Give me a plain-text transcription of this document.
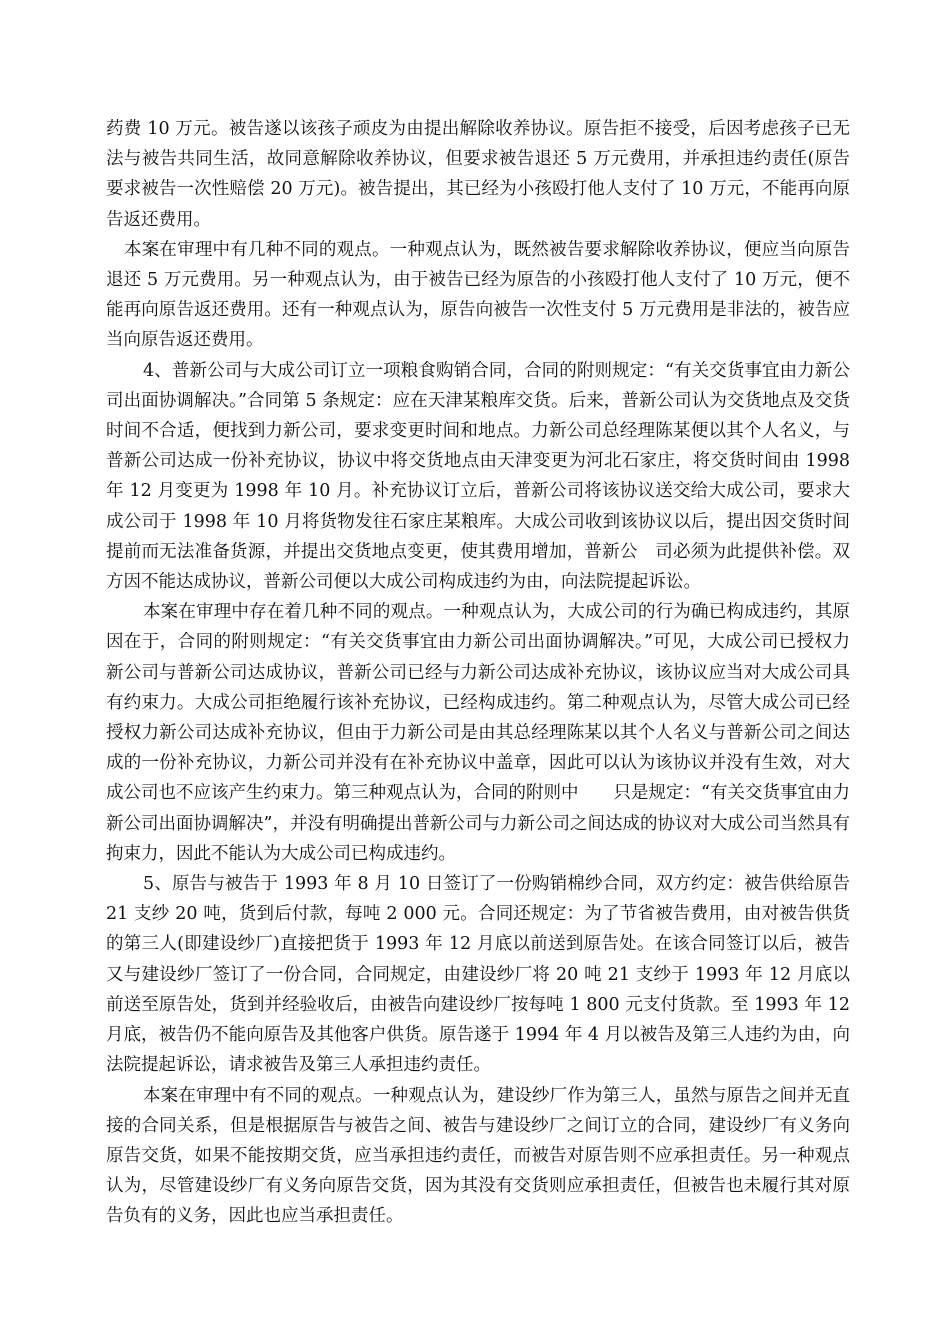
药费 10 万元。被告遂以该孩子顽皮为由提出解除收养协议。原告拒不接受，后因考虑孩子已无法与被告共同生活，故同意解除收养协议，但要求被告退还 5 万元费用，并承担违约责任(原告要求被告一次性赔偿 20 万元)。被告提出，其已经为小孩殴打他人支付了 10 万元，不能再向原告返还费用。

本案在审理中有几种不同的观点。一种观点认为，既然被告要求解除收养协议，便应当向原告退还 5 万元费用。另一种观点认为，由于被告已经为原告的小孩殴打他人支付了 10 万元，便不能再向原告返还费用。还有一种观点认为，原告向被告一次性支付 5 万元费用是非法的，被告应当向原告返还费用。

4、普新公司与大成公司订立一项粮食购销合同，合同的附则规定：“有关交货事宜由力新公司出面协调解决。”合同第 5 条规定：应在天津某粮库交货。后来，普新公司认为交货地点及交货时间不合适，便找到力新公司，要求变更时间和地点。力新公司总经理陈某便以其个人名义，与普新公司达成一份补充协议，协议中将交货地点由天津变更为河北石家庄，将交货时间由 1998 年 12 月变更为 1998 年 10 月。补充协议订立后，普新公司将该协议送交给大成公司，要求大成公司于 1998 年 10 月将货物发往石家庄某粮库。大成公司收到该协议以后，提出因交货时间提前而无法准备货源，并提出交货地点变更，使其费用增加，普新公　司必须为此提供补偿。双方因不能达成协议，普新公司便以大成公司构成违约为由，向法院提起诉讼。

本案在审理中存在着几种不同的观点。一种观点认为，大成公司的行为确已构成违约，其原因在于，合同的附则规定：“有关交货事宜由力新公司出面协调解决。”可见，大成公司已授权力新公司与普新公司达成协议，普新公司已经与力新公司达成补充协议，该协议应当对大成公司具有约束力。大成公司拒绝履行该补充协议，已经构成违约。第二种观点认为，尽管大成公司已经授权力新公司达成补充协议，但由于力新公司是由其总经理陈某以其个人名义与普新公司之间达成的一份补充协议，力新公司并没有在补充协议中盖章，因此可以认为该协议并没有生效，对大成公司也不应该产生约束力。第三种观点认为，合同的附则中　　只是规定：“有关交货事宜由力新公司出面协调解决”，并没有明确提出普新公司与力新公司之间达成的协议对大成公司当然具有拘束力，因此不能认为大成公司已构成违约。

5、原告与被告于 1993 年 8 月 10 日签订了一份购销棉纱合同，双方约定：被告供给原告 21 支纱 20 吨，货到后付款，每吨 2 000 元。合同还规定：为了节省被告费用，由对被告供货的第三人(即建设纱厂)直接把货于 1993 年 12 月底以前送到原告处。在该合同签订以后，被告又与建设纱厂签订了一份合同，合同规定，由建设纱厂将 20 吨 21 支纱于 1993 年 12 月底以前送至原告处，货到并经验收后，由被告向建设纱厂按每吨 1 800 元支付货款。至 1993 年 12 月底，被告仍不能向原告及其他客户供货。原告遂于 1994 年 4 月以被告及第三人违约为由，向法院提起诉讼，请求被告及第三人承担违约责任。

本案在审理中有不同的观点。一种观点认为，建设纱厂作为第三人，虽然与原告之间并无直接的合同关系，但是根据原告与被告之间、被告与建设纱厂之间订立的合同，建设纱厂有义务向原告交货，如果不能按期交货，应当承担违约责任，而被告对原告则不应承担责任。另一种观点认为，尽管建设纱厂有义务向原告交货，因为其没有交货则应承担责任，但被告也未履行其对原告负有的义务，因此也应当承担责任。
